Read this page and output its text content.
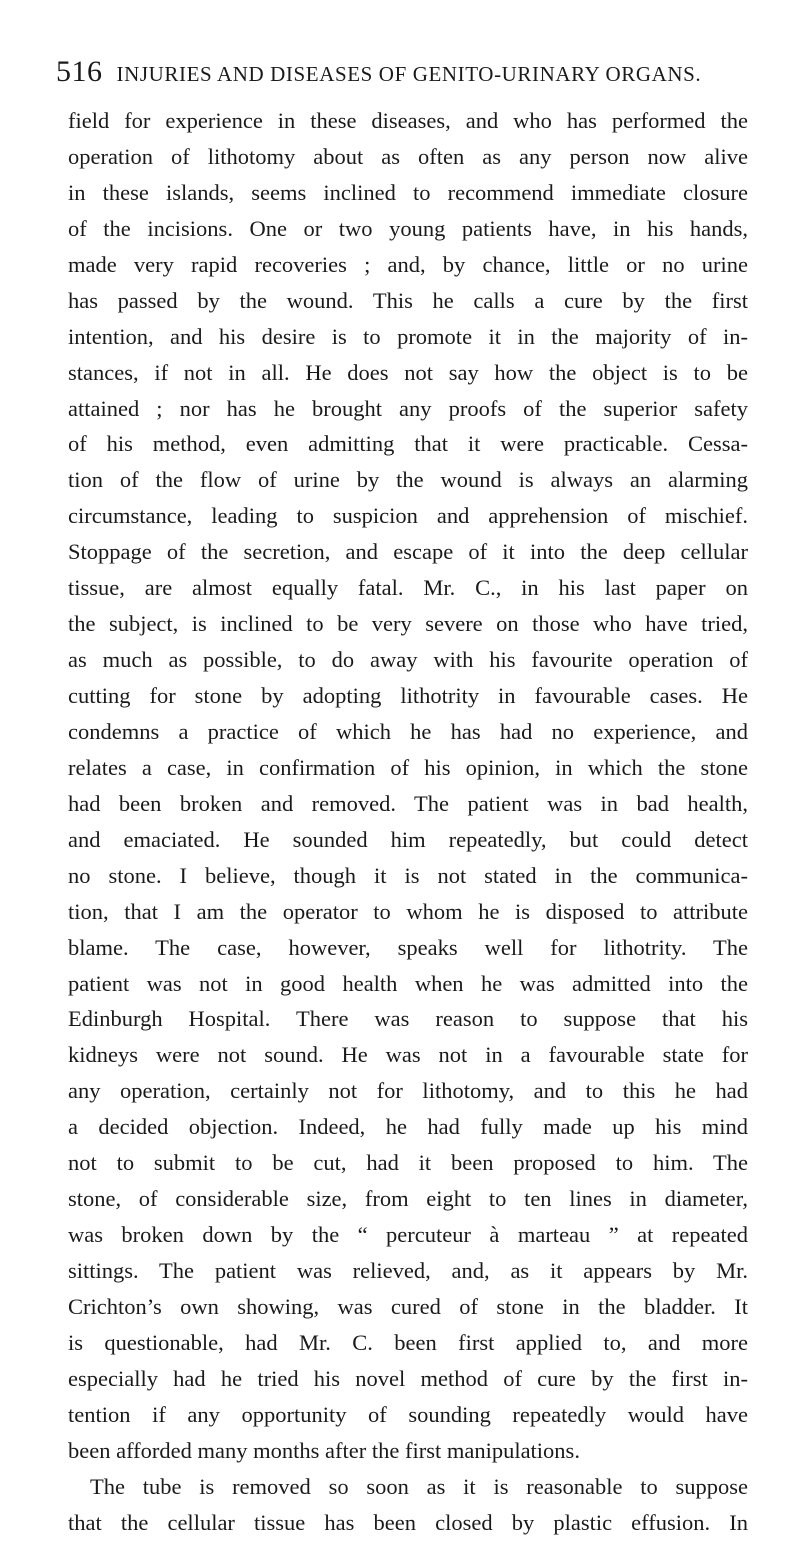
516 INJURIES AND DISEASES OF GENITO-URINARY ORGANS.
field for experience in these diseases, and who has performed the
operation of lithotomy about as often as any person now alive
in these islands, seems inclined to recommend immediate closure
of the incisions. One or two young patients have, in his hands,
made very rapid recoveries ; and, by chance, little or no urine
has passed by the wound. This he calls a cure by the first
intention, and his desire is to promote it in the majority of in-
stances, if not in all. He does not say how the object is to be
attained ; nor has he brought any proofs of the superior safety
of his method, even admitting that it were practicable. Cessa-
tion of the flow of urine by the wound is always an alarming
circumstance, leading to suspicion and apprehension of mischief.
Stoppage of the secretion, and escape of it into the deep cellular
tissue, are almost equally fatal. Mr. C., in his last paper on
the subject, is inclined to be very severe on those who have tried,
as much as possible, to do away with his favourite operation of
cutting for stone by adopting lithotrity in favourable cases. He
condemns a practice of which he has had no experience, and
relates a case, in confirmation of his opinion, in which the stone
had been broken and removed. The patient was in bad health,
and emaciated. He sounded him repeatedly, but could detect
no stone. I believe, though it is not stated in the communica-
tion, that I am the operator to whom he is disposed to attribute
blame. The case, however, speaks well for lithotrity. The
patient was not in good health when he was admitted into the
Edinburgh Hospital. There was reason to suppose that his
kidneys were not sound. He was not in a favourable state for
any operation, certainly not for lithotomy, and to this he had
a decided objection. Indeed, he had fully made up his mind
not to submit to be cut, had it been proposed to him. The
stone, of considerable size, from eight to ten lines in diameter,
was broken down by the “ percuteur à marteau ” at repeated
sittings. The patient was relieved, and, as it appears by Mr.
Crichton’s own showing, was cured of stone in the bladder. It
is questionable, had Mr. C. been first applied to, and more
especially had he tried his novel method of cure by the first in-
tention if any opportunity of sounding repeatedly would have
been afforded many months after the first manipulations.
The tube is removed so soon as it is reasonable to suppose
that the cellular tissue has been closed by plastic effusion. In
